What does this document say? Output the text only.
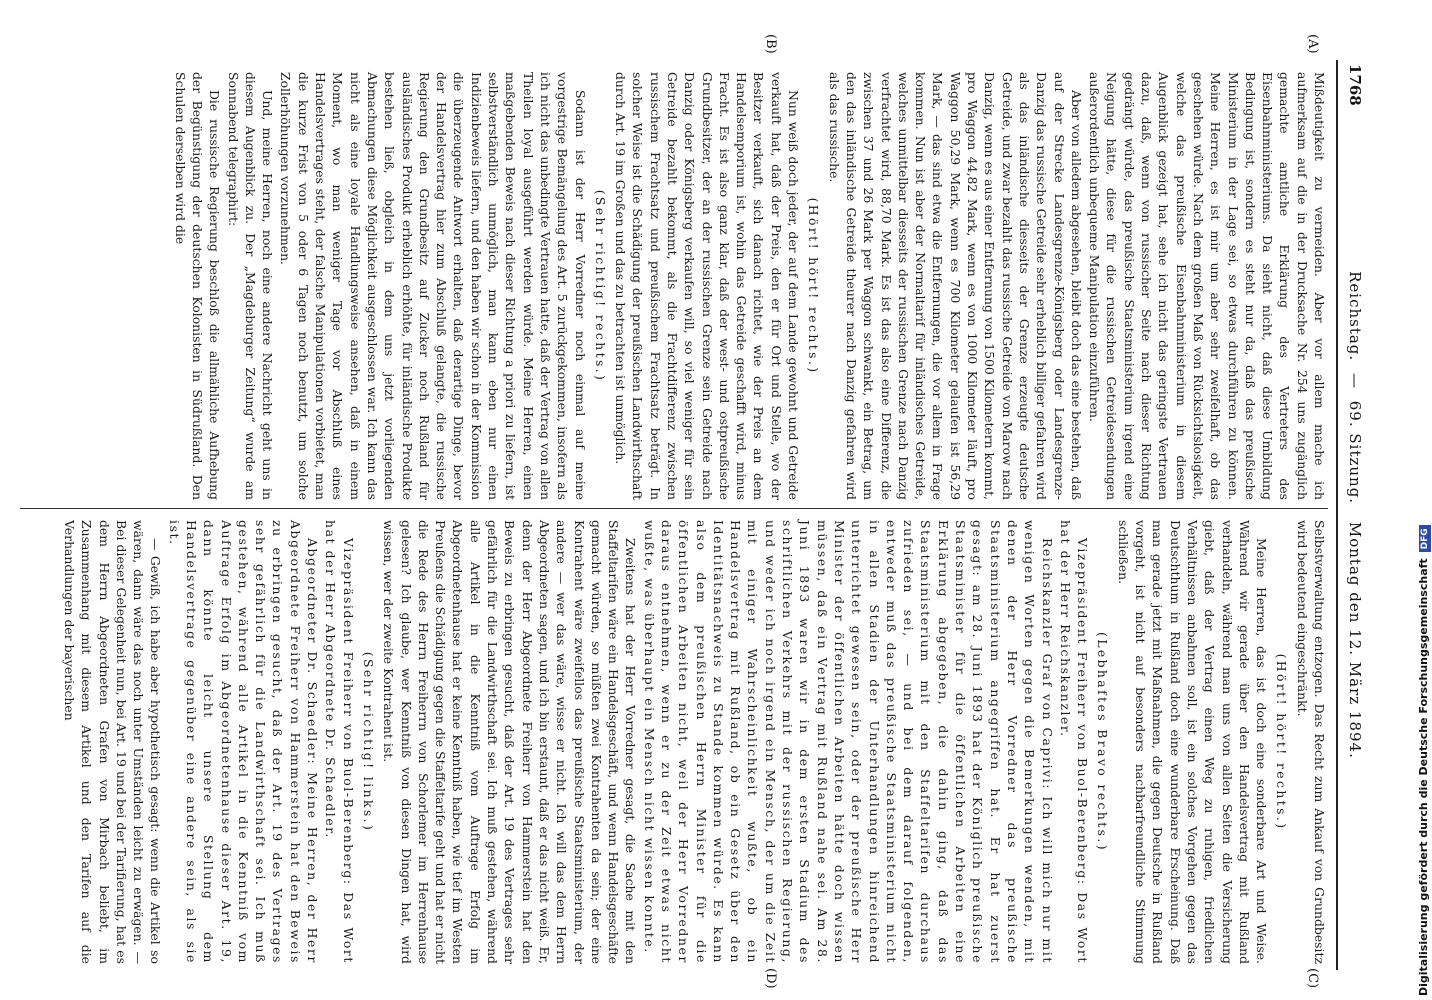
1768
Reichstag. — 69. Sitzung. Montag den 12. März 1894.
(A)
(B)
(C)
(D)

Mißdeutigkeit zu vermeiden. Aber vor allem mache ich aufmerksam auf die in der Drucksache Nr. 254 uns zugänglich gemachte amtliche Erklärung des Vertreters des Eisenbahnministeriums. Da sieht nicht, daß diese Umbildung Bedingung ist, sondern es steht nur da, daß das preußische Ministerium in der Lage sei, so etwas durchführen zu können. Meine Herren, es ist mir um aber sehr zweifelhaft, ob das geschehen würde. Nach dem großen Maß von Rücksichtslosigkeit, welche das preußische Eisenbahnministerium in diesem Augenblick gezeigt hat, sehe ich nicht das geringste Vertrauen dazu, daß, wenn von russischer Seite nach dieser Richtung gedrängt würde, das preußische Staatsministerium irgend eine Neigung hätte, diese für die russischen Getreidesendungen außerordentlich unbequeme Manipulation einzuführen.

Aber von alledem abgesehen, bleibt doch das eine bestehen, daß auf der Strecke Landesgrenze-Königsberg oder Landesgrenze-Danzig das russische Getreide sehr erheblich billiger gefahren wird als das inländische diesseits der Grenze erzeugte deutsche Getreide, und zwar bezahlt das russische Getreide von Marow nach Danzig, wenn es aus einer Entfernung von 1500 Kilometern kommt, pro Waggon 44,82 Mark, wenn es von 1000 Kilometer läuft, pro Waggon 50,29 Mark, wenn es 700 Kilometer gelaufen ist 56,29 Mark, — das sind etwa die Entfernungen, die vor allem in Frage kommen. Nun ist aber der Normaltarif für inländisches Getreide, welches unmittelbar diesseits der russischen Grenze nach Danzig verfrachtet wird, 88,70 Mark. Es ist das also eine Differenz, die zwischen 37 und 26 Mark per Waggon schwankt, ein Betrag, um den das inländische Getreide theurer nach Danzig gefahren wird als das russische.

(Hört! hört! rechts.)

Nun weiß doch jeder, der auf dem Lande gewohnt und Getreide verkauft hat, daß der Preis, den er für Ort und Stelle, wo der Besitzer verkauft, sich danach richtet, wie der Preis an dem Handelsemporium ist, wohin das Getreide geschafft wird, minus Fracht. Es ist also ganz klar, daß der west- und ostpreußische Grundbesitzer, der an der russischen Grenze sein Getreide nach Danzig oder Königsberg verkaufen will, so viel weniger für sein Getreide bezahlt bekommt, als die Frachtdifferenz zwischen russischem Frachtsatz und preußischem Frachtsatz beträgt. In solcher Weise ist die Schädigung der preußischen Landwirthschaft durch Art. 19 im Großen und das zu betrachten ist unmöglich.

(Sehr richtig! rechts.)

Sodann ist der Herr Vorredner noch einmal auf meine vorgestrige Bemängelung des Art. 5 zurückgekommen, insofern als ich nicht das unbedingte Vertrauen hatte, daß der Vertrag von allen Theilen loyal ausgeführt werden würde. Meine Herren, einen maßgebenden Beweis nach dieser Richtung a priori zu liefern, ist selbstverständlich unmöglich, man kann eben nur einen Indizienbeweis liefern, und den haben wir schon in der Kommission die überzeugende Antwort erhalten, daß derartige Dinge, bevor der Handelsvertrag hier zum Abschluß gelangte, die russische Regierung den Grundbesitz auf Zucker noch Rußland für ausländisches Produkt erheblich erhöhte, für inländische Produkte bestehen ließ, obgleich in dem uns jetzt vorliegenden Abmachungen diese Möglichkeit ausgeschlossen war. Ich kann das nicht als eine loyale Handlungsweise ansehen, daß in einem Moment, wo man weniger Tage vor Abschluß eines Handelsvertrages steht, der falsche Manipulationen vorbietet, man die kurze Frist von 5 oder 6 Tagen noch benutzt, um solche Zollerhöhungen vorzunehmen.

Und, meine Herren, noch eine andere Nachricht geht uns in diesem Augenblick zu. Der „Magdeburger Zeitung“ wurde am Sonnabend telegraphirt:

Die russische Regierung beschloß die allmähliche Aufhebung der Begünstigung der deutschen Kolonisten in Südrußland. Den Schulen derselben wird die

Selbstverwaltung entzogen. Das Recht zum Ankauf von Grundbesitz wird bedeutend eingeschränkt.

(Hört! hört! rechts.)

Meine Herren, das ist doch eine sonderbare Art und Weise. Während wir gerade über den Handelsvertrag mit Rußland verhandeln, während man uns von allen Seiten die Versicherung giebt, daß der Vertrag einen Weg zu ruhigen, friedlichen Verhältnissen anbahnen soll, ist ein solches Vorgehen gegen das Deutschthum in Rußland doch eine wunderbare Erscheinung. Daß man gerade jetzt mit Maßnahmen, die gegen Deutsche in Rußland vorgeht, ist nicht auf besonders nachbarfreundliche Stimmung schließen.

(Lebhaftes Bravo rechts.)

Vizepräsident Freiherr von Buol-Berenberg: Das Wort hat der Herr Reichskanzler.

Reichskanzler Graf von Caprivi: Ich will mich nur mit wenigen Worten gegen die Bemerkungen wenden, mit denen der Herr Vorredner das preußische Staatsministerium angegriffen hat. Er hat zuerst gesagt: am 28. Juni 1893 hat der Königlich preußische Staatsminister für die öffentlichen Arbeiten eine Erklärung abgegeben, die dahin ging, daß das Staatsministerium mit den Staffeltarifen durchaus zufrieden sei, — und bei dem darauf folgenden, entweder muß das preußische Staatsministerium nicht in allen Stadien der Unterhandlungen hinreichend unterrichtet gewesen sein, oder der preußische Herr Minister der öffentlichen Arbeiten hätte doch wissen müssen, daß ein Vertrag mit Rußland nahe sei. Am 28. Juni 1893 waren wir in dem ersten Stadium des schriftlichen Verkehrs mit der russischen Regierung, und weder ich noch irgend ein Mensch, der um die Zeit mit einiger Wahrscheinlichkeit wußte, ob ein Handelsvertrag mit Rußland, ob ein Gesetz über den Identitätsnachweis zu Stande kommen würde. Es kann also dem preußischen Herrn Minister für die öffentlichen Arbeiten nicht, weil der Herr Vorredner daraus entnehmen, wenn er zu der Zeit etwas nicht wußte, was überhaupt ein Mensch nicht wissen konnte.

Zweitens hat der Herr Vorredner gesagt, die Sache mit den Staffeltarifen wäre ein Handelsgeschäft, und wenn Handelsgeschäfte gemacht würden, so müßten zwei Kontrahenten da sein; der eine Kontrahent wäre zweifellos das preußische Staatsministerium, der andere — wer das wäre, wisse er nicht. Ich will das dem Herrn Abgeordneten sagen, und ich bin erstaunt, daß er das nicht weiß. Er, denn der Herr Abgeordnete Freiherr von Hammerstein hat den Beweis zu erbringen gesucht, daß der Art. 19 des Vertrages sehr gefährlich für die Landwirthschaft sei. Ich muß gestehen, während alle Artikel in die Kenntniß vom Auftrage Erfolg im Abgeordnetenhause hat er keine Kenntniß haben, wie tief im Westen Preußens die Schädigung gegen die Staffeltarife geht und hat er nicht die Rede des Herrn Freiherrn von Schorlemer im Herrenhause gelesen? Ich glaube, wer Kenntniß von diesen Dingen hat, wird wissen, wer der zweite Kontrahent ist.

(Sehr richtig! links.)

Vizepräsident Freiherr von Buol-Berenberg: Das Wort hat der Herr Abgeordnete Dr. Schaedler.

Abgeordneter Dr. Schaedler: Meine Herren, der Herr Abgeordnete Freiherr von Hammerstein hat den Beweis zu erbringen gesucht, daß der Art. 19 des Vertrages sehr gefährlich für die Landwirthschaft sei. Ich muß gestehen, während alle Artikel in die Kenntniß vom Auftrage Erfolg im Abgeordnetenhause dieser Art. 19, dann könnte leicht unsere Stellung dem Handelsvertrage gegenüber eine andere sein, als sie ist.

— Gewiß, ich habe aber hypothetisch gesagt: wenn die Artikel so wären, dann wäre das noch unter Umständen leicht zu erwägen. — Bei dieser Gelegenheit nun, bei Art. 19 und bei der Tarifierung, hat es dem Herrn Abgeordneten Grafen von Mirbach beliebt, im Zusammenhang mit diesem Artikel und den Tarifen auf die Verhandlungen der bayerischen	Digitalisierung gefördert durch die Deutsche ForschungsgemeinschaftDFG
